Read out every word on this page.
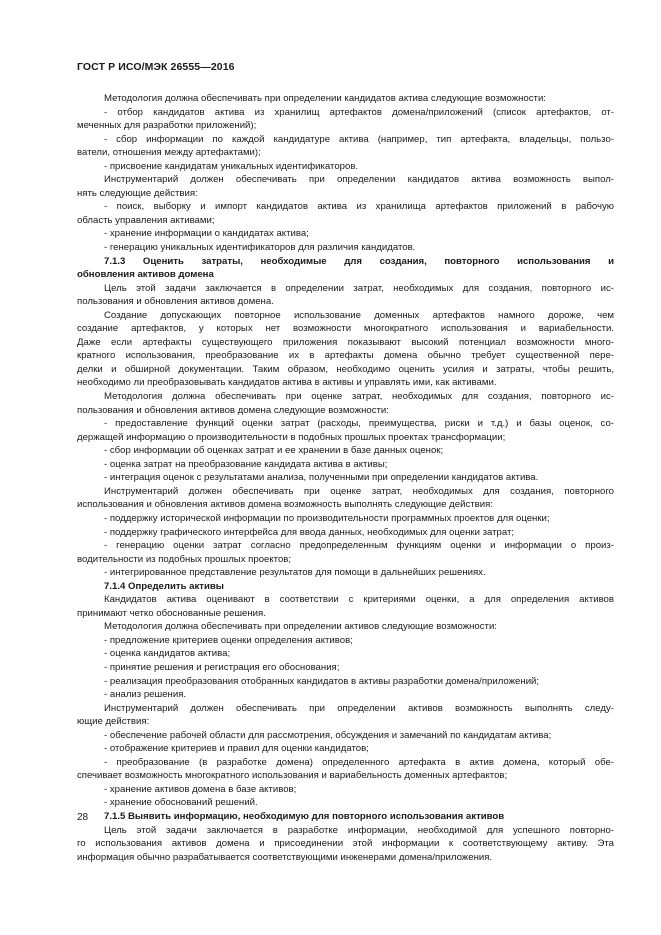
ГОСТ Р ИСО/МЭК 26555—2016

Методология должна обеспечивать при определении кандидатов актива следующие возможности:

- отбор кандидатов актива из хранилищ артефактов домена/приложений (список артефактов, от-

меченных для разработки приложений);

- сбор информации по каждой кандидатуре актива (например, тип артефакта, владельцы, пользо-

ватели, отношения между артефактами);

- присвоение кандидатам уникальных идентификаторов.

Инструментарий должен обеспечивать при определении кандидатов актива возможность выпол-

нять следующие действия:

- поиск, выборку и импорт кандидатов актива из хранилища артефактов приложений в рабочую

область управления активами;

- хранение информации о кандидатах актива;

- генерацию уникальных идентификаторов для различия кандидатов.

7.1.3 Оценить затраты, необходимые для создания, повторного использования и

обновления активов домена

Цель этой задачи заключается в определении затрат, необходимых для создания, повторного ис-

пользования и обновления активов домена.

Создание допускающих повторное использование доменных артефактов намного дороже, чем

создание артефактов, у которых нет возможности многократного использования и вариабельности.

Даже если артефакты существующего приложения показывают высокий потенциал возможности много-

кратного использования, преобразование их в артефакты домена обычно требует существенной пере-

делки и обширной документации. Таким образом, необходимо оценить усилия и затраты, чтобы решить,

необходимо ли преобразовывать кандидатов актива в активы и управлять ими, как активами.

Методология должна обеспечивать при оценке затрат, необходимых для создания, повторного ис-

пользования и обновления активов домена следующие возможности:

- предоставление функций оценки затрат (расходы, преимущества, риски и т.д.) и базы оценок, со-

держащей информацию о производительности в подобных прошлых проектах трансформации;

- сбор информации об оценках затрат и ее хранении в базе данных оценок;

- оценка затрат на преобразование кандидата актива в активы;

- интеграция оценок с результатами анализа, полученными при определении кандидатов актива.

Инструментарий должен обеспечивать при оценке затрат, необходимых для создания, повторного

использования и обновления активов домена возможность выполнять следующие действия:

- поддержку исторической информации по производительности программных проектов для оценки;

- поддержку графического интерфейса для ввода данных, необходимых для оценки затрат;

- генерацию оценки затрат согласно предопределенным функциям оценки и информации о произ-

водительности из подобных прошлых проектов;

- интегрированное представление результатов для помощи в дальнейших решениях.

7.1.4 Определить активы

Кандидатов актива оценивают в соответствии с критериями оценки, а для определения активов

принимают четко обоснованные решения.

Методология должна обеспечивать при определении активов следующие возможности:

- предложение критериев оценки определения активов;

- оценка кандидатов актива;

- принятие решения и регистрация его обоснования;

- реализация преобразования отобранных кандидатов в активы разработки домена/приложений;

- анализ решения.

Инструментарий должен обеспечивать при определении активов возможность выполнять следу-

ющие действия:

- обеспечение рабочей области для рассмотрения, обсуждения и замечаний по кандидатам актива;

- отображение критериев и правил для оценки кандидатов;

- преобразование (в разработке домена) определенного артефакта в актив домена, который обе-

спечивает возможность многократного использования и вариабельность доменных артефактов;

- хранение активов домена в базе активов;

- хранение обоснований решений.

7.1.5 Выявить информацию, необходимую для повторного использования активов

Цель этой задачи заключается в разработке информации, необходимой для успешного повторно-

го использования активов домена и присоединении этой информации к соответствующему активу. Эта

информация обычно разрабатывается соответствующими инженерами домена/приложения.

28
